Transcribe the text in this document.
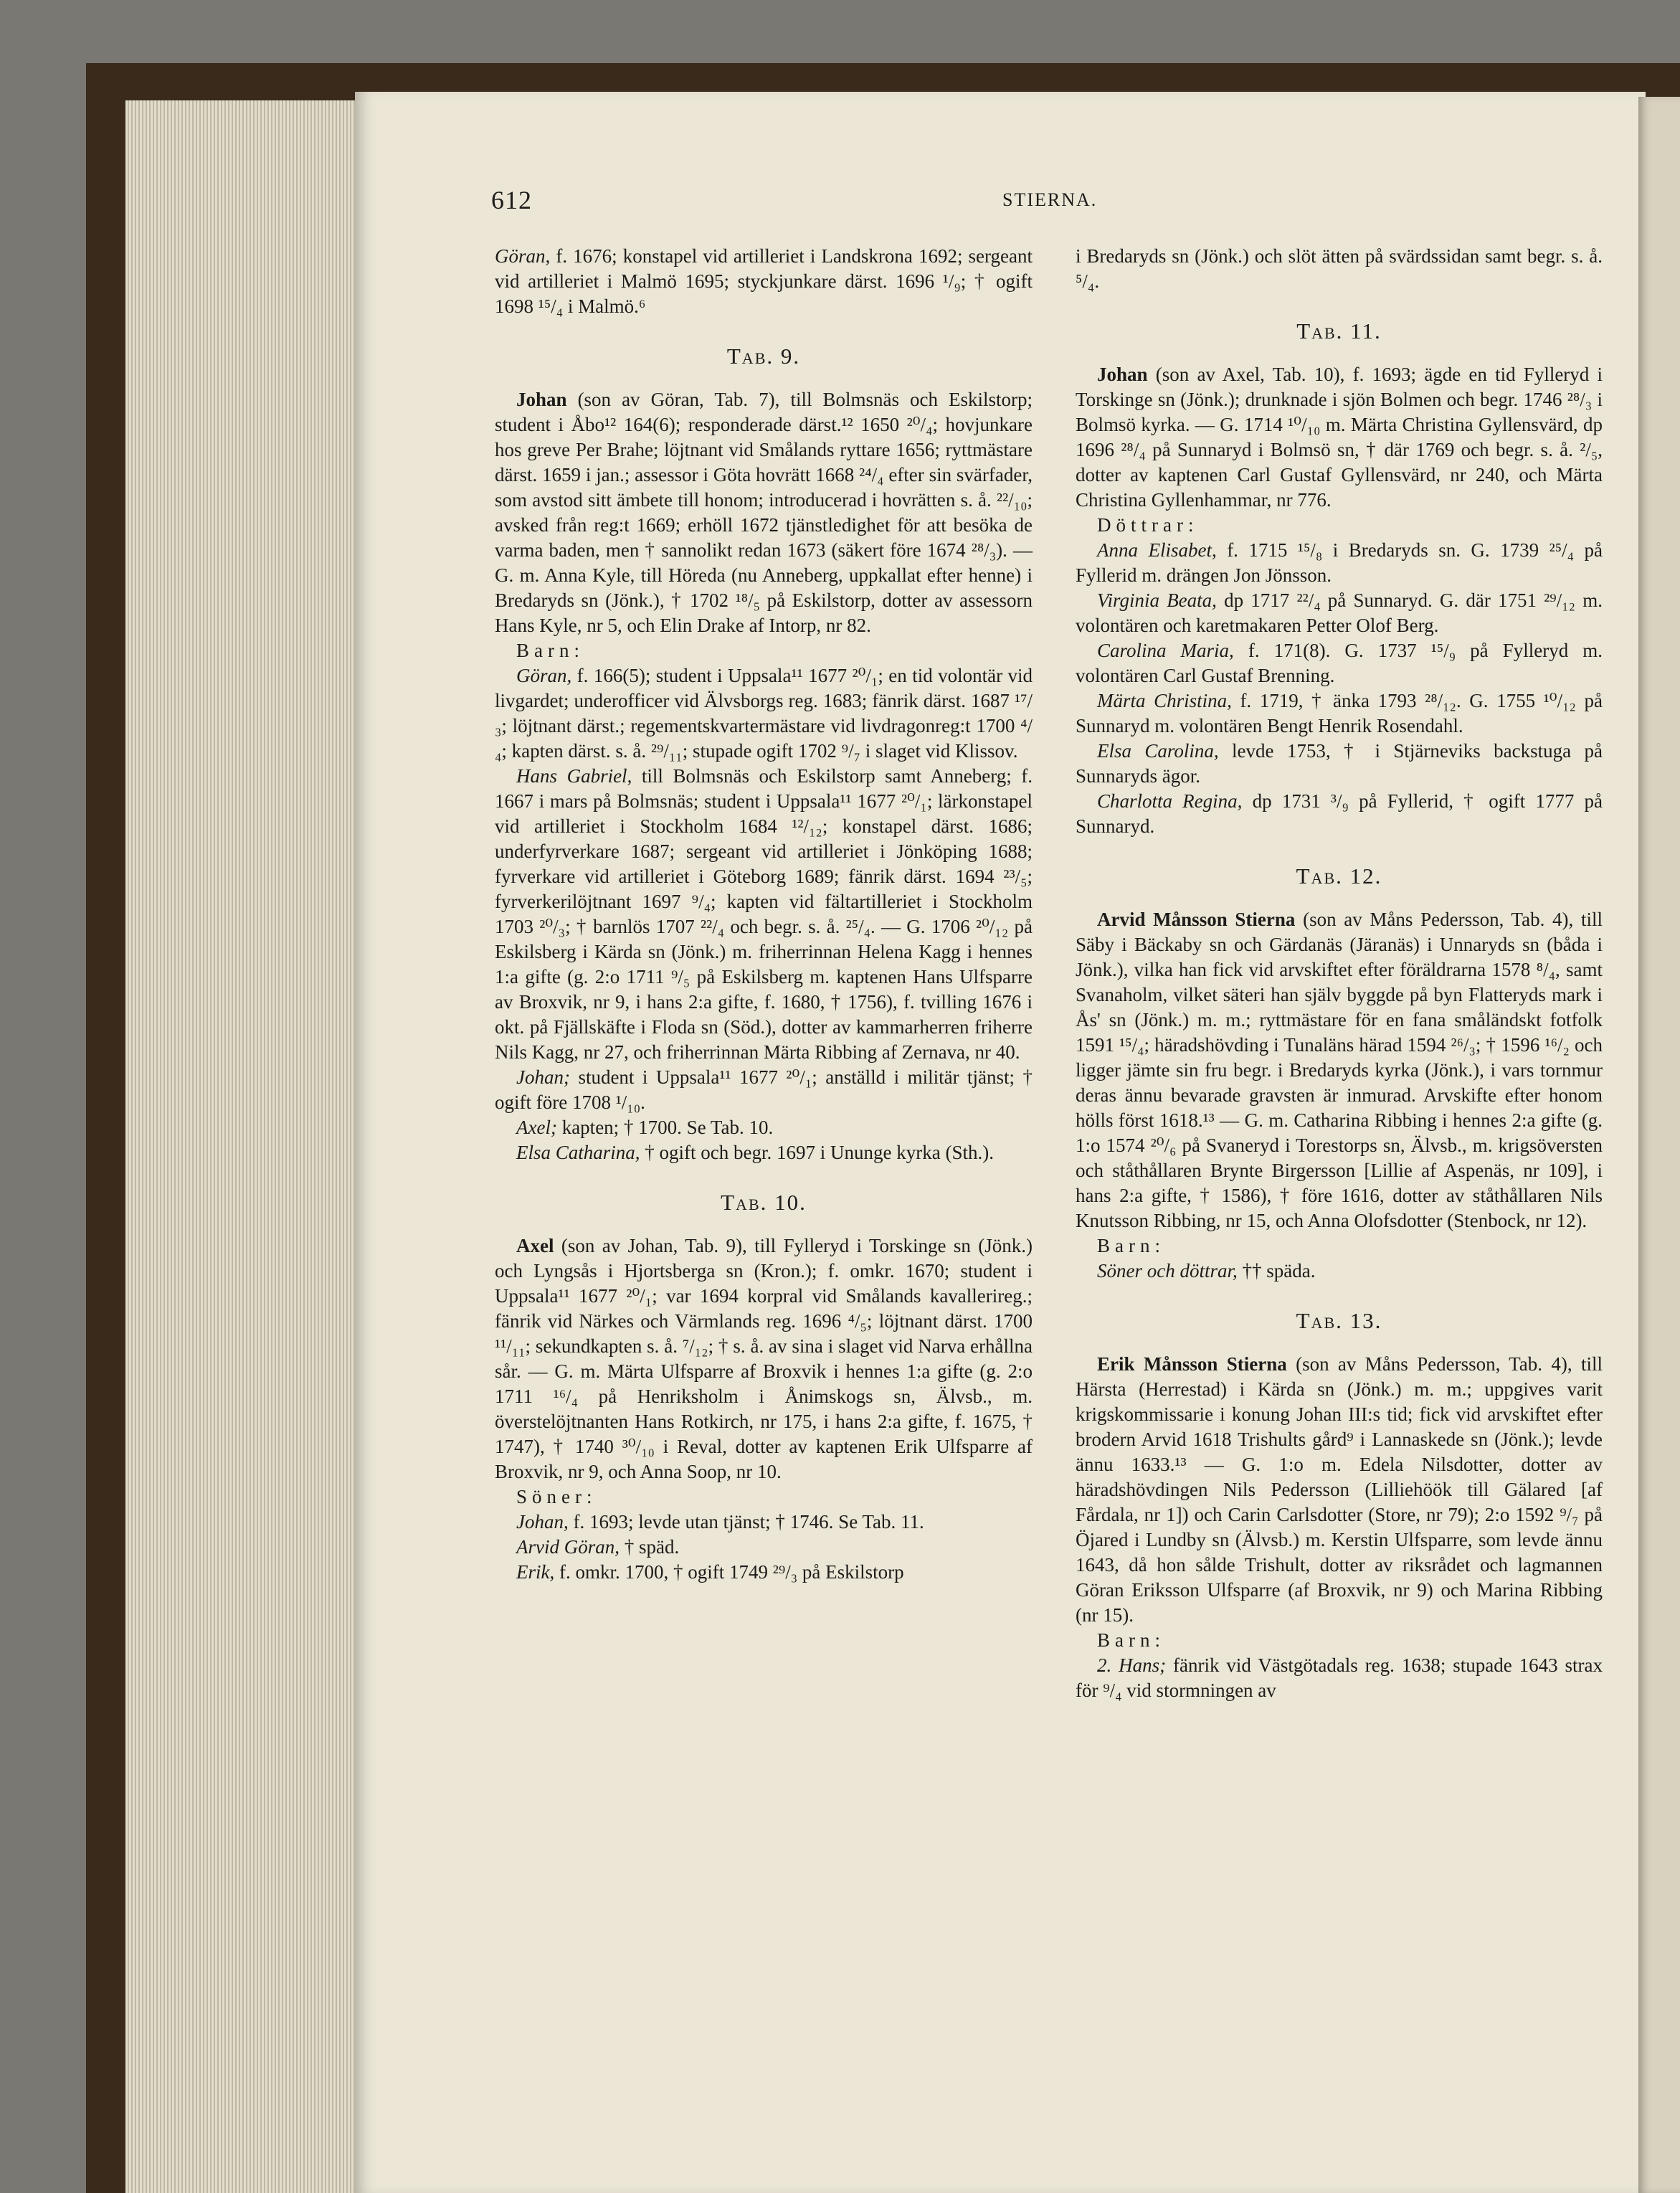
612	STIERNA.

Göran, f. 1676; konstapel vid artilleriet i Landskrona 1692; sergeant vid artilleriet i Malmö 1695; styckjunkare därst. 1696 ¹/₉; † ogift 1698 ¹⁵/₄ i Malmö.⁶

Tab. 9.

Johan (son av Göran, Tab. 7), till Bolmsnäs och Eskilstorp; student i Åbo¹² 164(6); responderade därst.¹² 1650 ²⁰/₄; hovjunkare hos greve Per Brahe; löjtnant vid Smålands ryttare 1656; ryttmästare därst. 1659 i jan.; assessor i Göta hovrätt 1668 ²⁴/₄ efter sin svärfader, som avstod sitt ämbete till honom; introducerad i hovrätten s. å. ²²/₁₀; avsked från reg:t 1669; erhöll 1672 tjänstledighet för att besöka de varma baden, men † sannolikt redan 1673 (säkert före 1674 ²⁸/₃). — G. m. Anna Kyle, till Höreda (nu Anneberg, uppkallat efter henne) i Bredaryds sn (Jönk.), † 1702 ¹⁸/₅ på Eskilstorp, dotter av assessorn Hans Kyle, nr 5, och Elin Drake af Intorp, nr 82.

Barn:

Göran, f. 166(5); student i Uppsala¹¹ 1677 ²⁰/₁; en tid volontär vid livgardet; underofficer vid Älvsborgs reg. 1683; fänrik därst. 1687 ¹⁷/₃; löjtnant därst.; regementskvartermästare vid livdragonreg:t 1700 ⁴/₄; kapten därst. s. å. ²⁹/₁₁; stupade ogift 1702 ⁹/₇ i slaget vid Klissov.

Hans Gabriel, till Bolmsnäs och Eskilstorp samt Anneberg; f. 1667 i mars på Bolmsnäs; student i Uppsala¹¹ 1677 ²⁰/₁; lärkonstapel vid artilleriet i Stockholm 1684 ¹²/₁₂; konstapel därst. 1686; underfyrverkare 1687; sergeant vid artilleriet i Jönköping 1688; fyrverkare vid artilleriet i Göteborg 1689; fänrik därst. 1694 ²³/₅; fyrverkerilöjtnant 1697 ⁹/₄; kapten vid fältartilleriet i Stockholm 1703 ²⁰/₃; † barnlös 1707 ²²/₄ och begr. s. å. ²⁵/₄. — G. 1706 ²⁰/₁₂ på Eskilsberg i Kärda sn (Jönk.) m. friherrinnan Helena Kagg i hennes 1:a gifte (g. 2:o 1711 ⁹/₅ på Eskilsberg m. kaptenen Hans Ulfsparre av Broxvik, nr 9, i hans 2:a gifte, f. 1680, † 1756), f. tvilling 1676 i okt. på Fjällskäfte i Floda sn (Söd.), dotter av kammarherren friherre Nils Kagg, nr 27, och friherrinnan Märta Ribbing af Zernava, nr 40.

Johan; student i Uppsala¹¹ 1677 ²⁰/₁; anställd i militär tjänst; † ogift före 1708 ¹/₁₀.

Axel; kapten; † 1700. Se Tab. 10.

Elsa Catharina, † ogift och begr. 1697 i Ununge kyrka (Sth.).

Tab. 10.

Axel (son av Johan, Tab. 9), till Fylleryd i Torskinge sn (Jönk.) och Lyngsås i Hjortsberga sn (Kron.); f. omkr. 1670; student i Uppsala¹¹ 1677 ²⁰/₁; var 1694 korpral vid Smålands kavallerireg.; fänrik vid Närkes och Värmlands reg. 1696 ⁴/₅; löjtnant därst. 1700 ¹¹/₁₁; sekundkapten s. å. ⁷/₁₂; † s. å. av sina i slaget vid Narva erhållna sår. — G. m. Märta Ulfsparre af Broxvik i hennes 1:a gifte (g. 2:o 1711 ¹⁶/₄ på Henriksholm i Ånimskogs sn, Älvsb., m. överstelöjtnanten Hans Rotkirch, nr 175, i hans 2:a gifte, f. 1675, † 1747), † 1740 ³⁰/₁₀ i Reval, dotter av kaptenen Erik Ulfsparre af Broxvik, nr 9, och Anna Soop, nr 10.

Söner:

Johan, f. 1693; levde utan tjänst; † 1746. Se Tab. 11.

Arvid Göran, † späd.

Erik, f. omkr. 1700, † ogift 1749 ²⁹/₃ på Eskilstorp

i Bredaryds sn (Jönk.) och slöt ätten på svärdssidan samt begr. s. å. ⁵/₄.

Tab. 11.

Johan (son av Axel, Tab. 10), f. 1693; ägde en tid Fylleryd i Torskinge sn (Jönk.); drunknade i sjön Bolmen och begr. 1746 ²⁸/₃ i Bolmsö kyrka. — G. 1714 ¹⁰/₁₀ m. Märta Christina Gyllensvärd, dp 1696 ²⁸/₄ på Sunnaryd i Bolmsö sn, † där 1769 och begr. s. å. ²/₅, dotter av kaptenen Carl Gustaf Gyllensvärd, nr 240, och Märta Christina Gyllenhammar, nr 776.

Döttrar:

Anna Elisabet, f. 1715 ¹⁵/₈ i Bredaryds sn. G. 1739 ²⁵/₄ på Fyllerid m. drängen Jon Jönsson.

Virginia Beata, dp 1717 ²²/₄ på Sunnaryd. G. där 1751 ²⁹/₁₂ m. volontären och karetmakaren Petter Olof Berg.

Carolina Maria, f. 171(8). G. 1737 ¹⁵/₉ på Fylleryd m. volontären Carl Gustaf Brenning.

Märta Christina, f. 1719, † änka 1793 ²⁸/₁₂. G. 1755 ¹⁰/₁₂ på Sunnaryd m. volontären Bengt Henrik Rosendahl.

Elsa Carolina, levde 1753, † i Stjärneviks backstuga på Sunnaryds ägor.

Charlotta Regina, dp 1731 ³/₉ på Fyllerid, † ogift 1777 på Sunnaryd.

Tab. 12.

Arvid Månsson Stierna (son av Måns Pedersson, Tab. 4), till Säby i Bäckaby sn och Gärdanäs (Järanäs) i Unnaryds sn (båda i Jönk.), vilka han fick vid arvskiftet efter föräldrarna 1578 ⁸/₄, samt Svanaholm, vilket säteri han själv byggde på byn Flatteryds mark i Ås' sn (Jönk.) m. m.; ryttmästare för en fana småländskt fotfolk 1591 ¹⁵/₄; häradshövding i Tunaläns härad 1594 ²⁶/₃; † 1596 ¹⁶/₂ och ligger jämte sin fru begr. i Bredaryds kyrka (Jönk.), i vars tornmur deras ännu bevarade gravsten är inmurad. Arvskifte efter honom hölls först 1618.¹³ — G. m. Catharina Ribbing i hennes 2:a gifte (g. 1:o 1574 ²⁰/₆ på Svaneryd i Torestorps sn, Älvsb., m. krigsöversten och ståthållaren Brynte Birgersson [Lillie af Aspenäs, nr 109], i hans 2:a gifte, † 1586), † före 1616, dotter av ståthållaren Nils Knutsson Ribbing, nr 15, och Anna Olofsdotter (Stenbock, nr 12).

Barn:

Söner och döttrar, †† späda.

Tab. 13.

Erik Månsson Stierna (son av Måns Pedersson, Tab. 4), till Härsta (Herrestad) i Kärda sn (Jönk.) m. m.; uppgives varit krigskommissarie i konung Johan III:s tid; fick vid arvskiftet efter brodern Arvid 1618 Trishults gård⁹ i Lannaskede sn (Jönk.); levde ännu 1633.¹³ — G. 1:o m. Edela Nilsdotter, dotter av häradshövdingen Nils Pedersson (Lilliehöök till Gälared [af Fårdala, nr 1]) och Carin Carlsdotter (Store, nr 79); 2:o 1592 ⁹/₇ på Öjared i Lundby sn (Älvsb.) m. Kerstin Ulfsparre, som levde ännu 1643, då hon sålde Trishult, dotter av riksrådet och lagmannen Göran Eriksson Ulfsparre (af Broxvik, nr 9) och Marina Ribbing (nr 15).

Barn:

2. Hans; fänrik vid Västgötadals reg. 1638; stupade 1643 strax för ⁹/₄ vid stormningen av
